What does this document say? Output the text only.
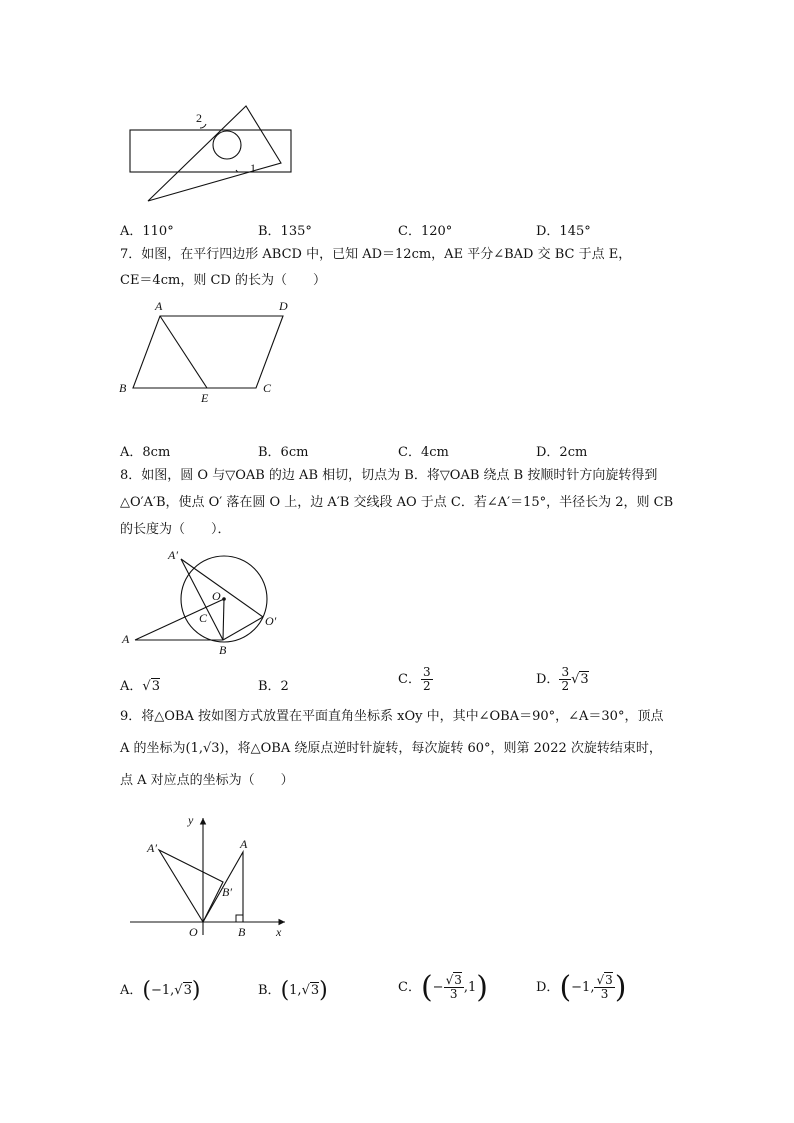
2
1
A．110°	B．135°	C．120°	D．145°
7．如图，在平行四边形 ABCD 中，已知 AD＝12cm，AE 平分∠BAD 交 BC 于点 E，
CE＝4cm，则 CD 的长为（　　）
A	D
B	C
E
A．8cm	B．6cm	C．4cm	D．2cm
8．如图，圆 O 与▽OAB 的边 AB 相切，切点为 B．将▽OAB 绕点 B 按顺时针方向旋转得到
△O′A′B，使点 O′ 落在圆 O 上，边 A′B 交线段 AO 于点 C．若∠A′＝15°，半径长为 2，则 CB
的长度为（　　）．
A′
O
C	O′
A
B
A．√3	B．2	C． $\frac{3}{2}$	D． $\frac{3}{2} √3$
9．将△OBA 按如图方式放置在平面直角坐标系 xOy 中，其中∠OBA＝90°，∠A＝30°，顶点
A 的坐标为(1,√3)，将△OBA 绕原点逆时针旋转，每次旋转 60°，则第 2022 次旋转结束时，
点 A 对应点的坐标为（　　）
y
x
O	B
A
A′
B′
A．(−1,√3)	B．(1,√3)	C．(− $\frac{√3}{3} ,1$)	D．(−1, $\frac{√3}{3}$ )
